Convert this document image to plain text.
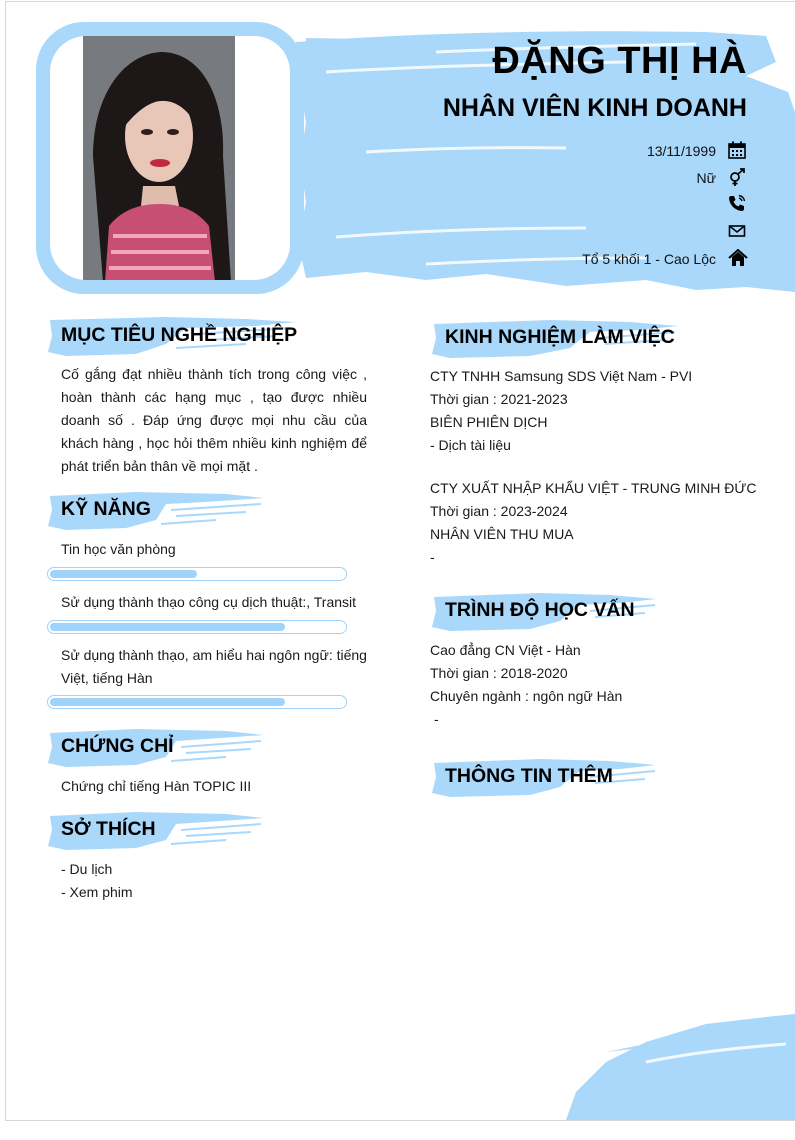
ĐẶNG THỊ HÀ
NHÂN VIÊN KINH DOANH
13/11/1999
Nữ
Tổ 5 khối 1 - Cao Lộc
MỤC TIÊU NGHỀ NGHIỆP
Cố gắng đạt nhiều thành tích trong công việc , hoàn thành các hạng mục , tạo được nhiều doanh số . Đáp ứng được mọi nhu cầu của khách hàng , học hỏi thêm nhiều kinh nghiệm để phát triển bản thân về mọi mặt .
KỸ NĂNG
Tin học văn phòng
Sử dụng thành thạo công cụ dịch thuật:, Transit
Sử dụng thành thạo, am hiểu hai ngôn ngữ: tiếng Việt, tiếng Hàn
CHỨNG CHỈ
Chứng chỉ tiếng Hàn TOPIC III
SỞ THÍCH
- Du lịch
- Xem phim
KINH NGHIỆM LÀM VIỆC
CTY TNHH Samsung SDS Việt Nam - PVI
Thời gian : 2021-2023
BIÊN PHIÊN DỊCH
- Dịch tài liệu
CTY XUẤT NHẬP KHẨU VIỆT - TRUNG MINH ĐỨC
Thời gian : 2023-2024
NHÂN VIÊN THU MUA
-
TRÌNH ĐỘ HỌC VẤN
Cao đẳng CN Việt - Hàn
Thời gian : 2018-2020
Chuyên ngành : ngôn ngữ Hàn
-
THÔNG TIN THÊM
